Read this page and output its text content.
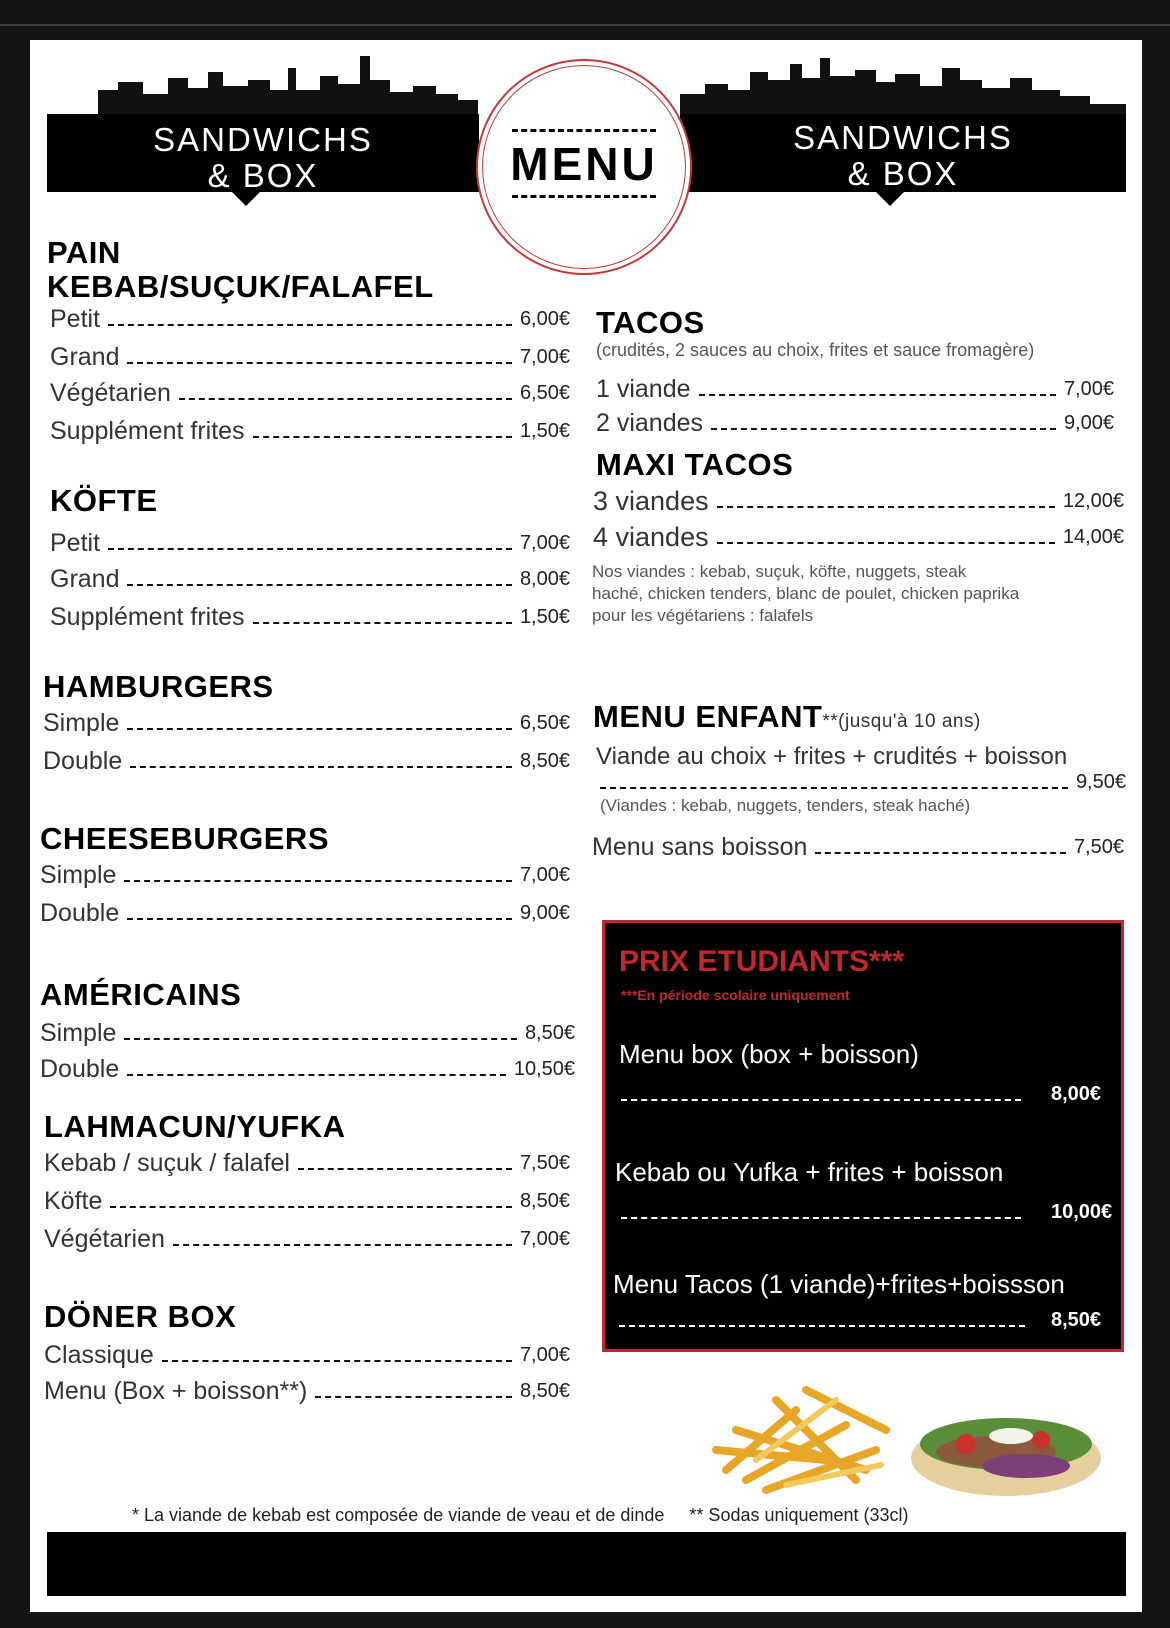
SANDWICHS
& BOX
SANDWICHS
& BOX
MENU
PAIN
KEBAB/SUÇUK/FALAFEL
Petit	6,00€
Grand	7,00€
Végétarien	6,50€
Supplément frites	1,50€
KÖFTE
Petit	7,00€
Grand	8,00€
Supplément frites	1,50€
HAMBURGERS
Simple	6,50€
Double	8,50€
CHEESEBURGERS
Simple	7,00€
Double	9,00€
AMÉRICAINS
Simple	8,50€
Double	10,50€
LAHMACUN/YUFKA
Kebab / suçuk / falafel	7,50€
Köfte	8,50€
Végétarien	7,00€
DÖNER BOX
Classique	7,00€
Menu (Box + boisson**)	8,50€
TACOS
(crudités, 2 sauces au choix, frites et sauce fromagère)
1 viande	7,00€
2 viandes	9,00€
MAXI TACOS
3 viandes	12,00€
4 viandes	14,00€
Nos viandes : kebab, suçuk, köfte, nuggets, steak
haché, chicken tenders, blanc de poulet, chicken paprika
pour les végétariens : falafels
MENU ENFANT**(jusqu'à 10 ans)
Viande au choix + frites + crudités + boisson
9,50€
(Viandes : kebab, nuggets, tenders, steak haché)
Menu sans boisson	7,50€
PRIX ETUDIANTS***
***En période scolaire uniquement
Menu box (box + boisson)
8,00€
Kebab ou Yufka + frites + boisson
10,00€
Menu Tacos (1 viande)+frites+boissson
8,50€
* La viande de kebab est composée de viande de veau et de dinde ** Sodas uniquement (33cl)
